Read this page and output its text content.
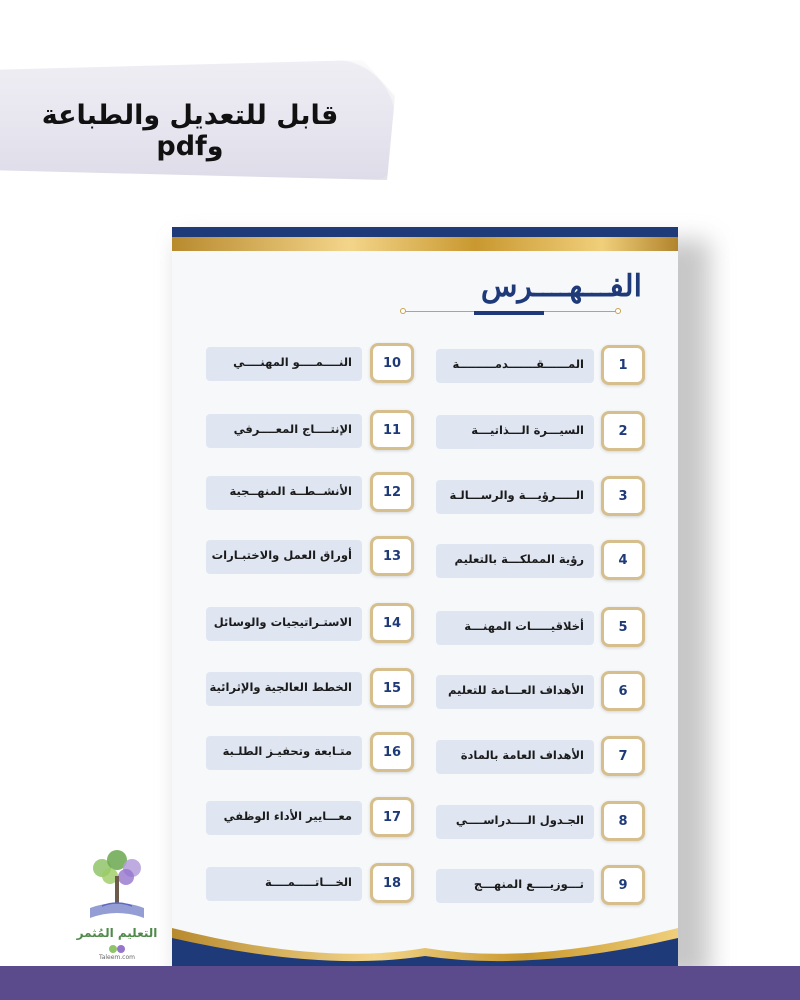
قابل للتعديل والطباعة وpdf
الفـــهــــرس
المــــــقـــــــدمـــــــــة	1
السيـــرة الـــذاتيـــة	2
الـــــرؤيـــة والرســـالـة	3
رؤية المملكـــة بالتعليم	4
أخلاقيـــــات المهنـــة	5
الأهداف العـــامة للتعليم	6
الأهداف العامة بالمادة	7
الجـدول الــــدراســــي	8
تـــوزيــــع المنهـــج	9
النــــمــــو المهنــــي	10
الإنتــــاج المعــــرفي	11
الأنشــطــة المنهــجية	12
أوراق العمل والاختبـارات	13
الاستـراتيجيات والوسائل	14
الخطط العالجية والإثرائية	15
متـابعة وتحفيـز الطلـبة	16
معـــايير الأداء الوظفي	17
الخـــاتـــــمــــة	18
التعليم المُثمر
Taleem.com
